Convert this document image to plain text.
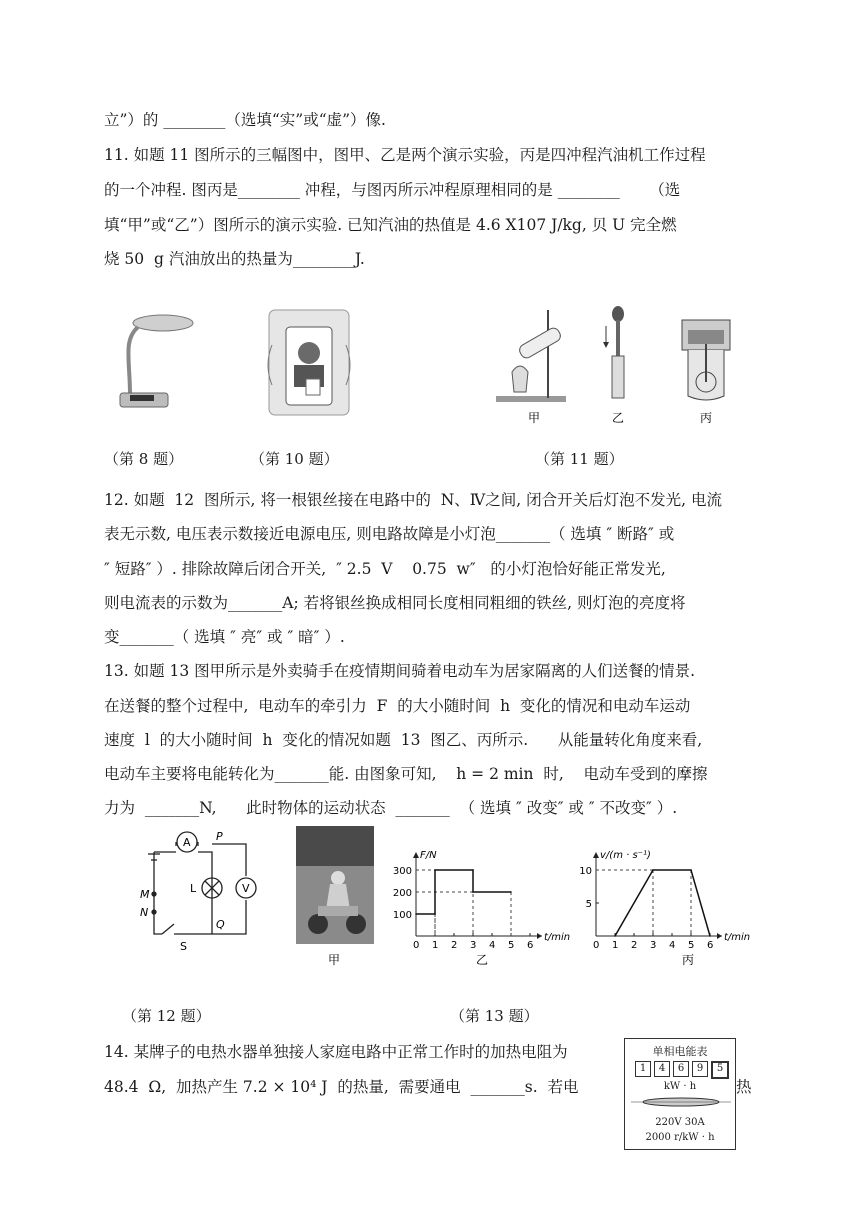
立”）的 ________（选填“实”或“虚”）像.
11. 如题 11 图所示的三幅图中，图甲、乙是两个演示实验，丙是四冲程汽油机工作过程
的一个冲程. 图丙是________ 冲程，与图丙所示冲程原理相同的是 ________      （选
填“甲”或“乙”）图所示的演示实验. 已知汽油的热值是 4.6 X107 J/kg, 贝 U 完全燃
烧 50  g 汽油放出的热量为________J.
甲	乙	丙
（第 8 题）	（第 10 题）	（第 11 题）
12. 如题  12  图所示, 将一根银丝接在电路中的  N、Ⅳ之间, 闭合开关后灯泡不发光, 电流
表无示数, 电压表示数接近电源电压, 则电路故障是小灯泡_______（ 选填 ″ 断路″ 或
″ 短路″ ）. 排除故障后闭合开关,  ″ 2.5  V    0.75  w″   的小灯泡恰好能正常发光,
则电流表的示数为_______A; 若将银丝换成相同长度相同粗细的铁丝, 则灯泡的亮度将
变_______（ 选填 ″ 亮″ 或 ″ 暗″ ）.
13. 如题 13 图甲所示是外卖骑手在疫情期间骑着电动车为居家隔离的人们送餐的情景.
在送餐的整个过程中,  电动车的牵引力  F  的大小随时间  h  变化的情况和电动车运动
速度  l  的大小随时间  h  变化的情况如题  13  图乙、丙所示.      从能量转化角度来看,
电动车主要将电能转化为_______能. 由图象可知,    h = 2 min  时,    电动车受到的摩擦
力为  _______N,      此时物体的运动状态  _______  （ 选填 ″ 改变″ 或 ″ 不改变″ ）.
A
V
L
P
Q
M
N
S
甲
0 1 2 3 4 5 6
100
200
300
F/N
t/min
乙
0 1 2 3 4 5 6
5
10
v/(m · s⁻¹)
t/min
丙
（第 12 题）	（第 13 题）
14. 某牌子的电热水器单独接人家庭电路中正常工作时的加热电阻为
48.4  Ω,  加热产生 7.2 × 10⁴ J  的热量,  需要通电  _______s.  若电	热
单相电能表
1	4	6	9	5
kW · h
220V 30A
2000 r/kW · h
